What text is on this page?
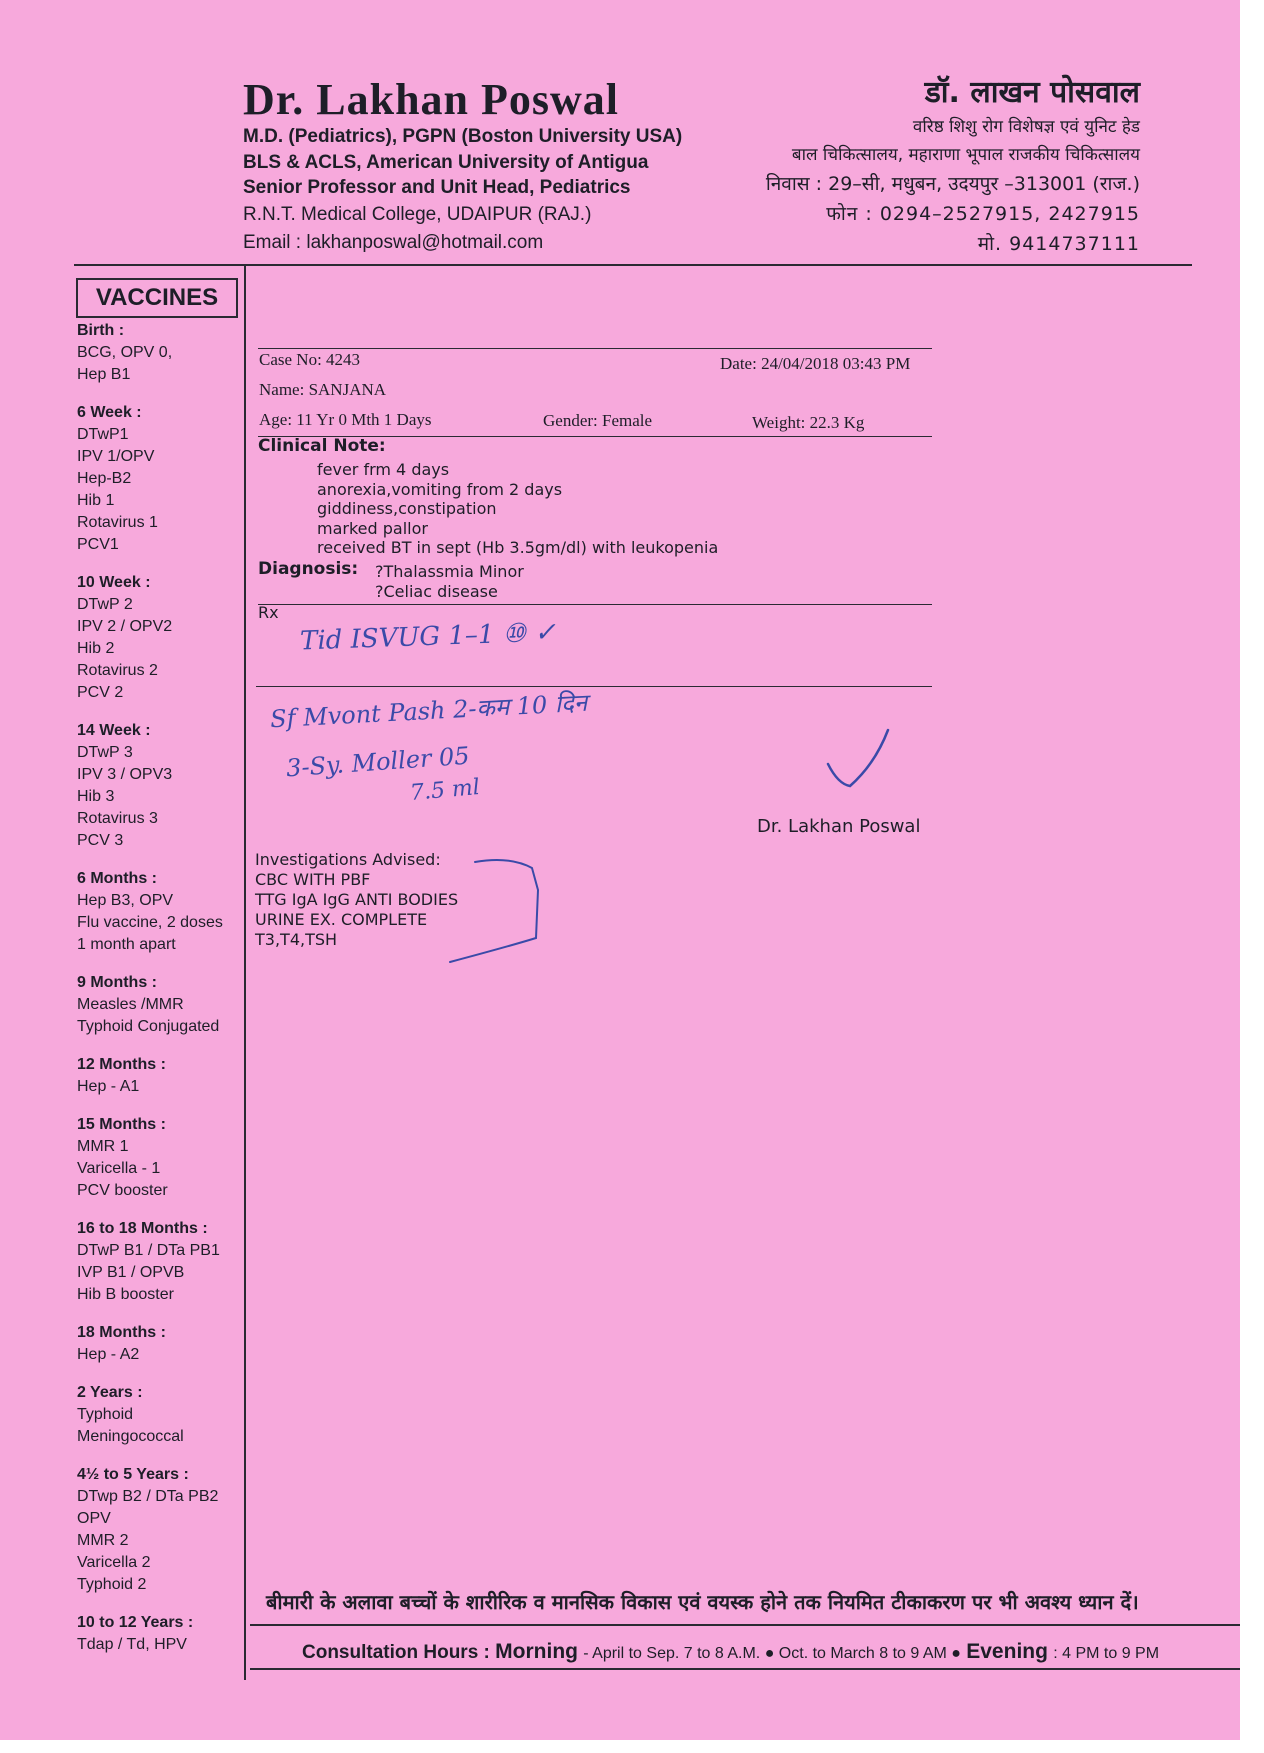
Dr. Lakhan Poswal
M.D. (Pediatrics), PGPN (Boston University USA)
BLS & ACLS, American University of Antigua
Senior Professor and Unit Head, Pediatrics
R.N.T. Medical College, UDAIPUR (RAJ.)
Email : lakhanposwal@hotmail.com
डॉ. लाखन पोसवाल
वरिष्ठ शिशु रोग विशेषज्ञ एवं युनिट हेड
बाल चिकित्सालय, महाराणा भूपाल राजकीय चिकित्सालय
निवास : 29–सी, मधुबन, उदयपुर –313001 (राज.)
फोन : 0294–2527915, 2427915
मो. 9414737111
VACCINES
Birth :
BCG, OPV 0,
Hep B1
6 Week :
DTwP1
IPV 1/OPV
Hep-B2
Hib 1
Rotavirus 1
PCV1
10 Week :
DTwP 2
IPV 2 / OPV2
Hib 2
Rotavirus 2
PCV 2
14 Week :
DTwP 3
IPV 3 / OPV3
Hib 3
Rotavirus 3
PCV 3
6 Months :
Hep B3, OPV
Flu vaccine, 2 doses
1 month apart
9 Months :
Measles /MMR
Typhoid Conjugated
12 Months :
Hep - A1
15 Months :
MMR 1
Varicella - 1
PCV booster
16 to 18 Months :
DTwP B1 / DTa PB1
IVP B1 / OPVB
Hib B booster
18 Months :
Hep - A2
2 Years :
Typhoid
Meningococcal
4½ to 5 Years :
DTwp B2 / DTa PB2
OPV
MMR 2
Varicella 2
Typhoid 2
10 to 12 Years :
Tdap / Td, HPV
Case No: 4243	Date: 24/04/2018 03:43 PM
Name: SANJANA
Age: 11 Yr 0 Mth 1 Days	Gender: Female	Weight: 22.3 Kg
Clinical Note:
fever frm 4 days
anorexia,vomiting from 2 days
giddiness,constipation
marked pallor
received BT in sept (Hb 3.5gm/dl) with leukopenia
Diagnosis: ?Thalassmia Minor
?Celiac disease
Rx
Tid ISVUG 1–1 ⑩ ✓
Sf Mvont Pash 2-कम 10 दिन
3-Sy. Moller 05
7.5 ml
Dr. Lakhan Poswal
Investigations Advised:
CBC WITH PBF
TTG IgA IgG ANTI BODIES
URINE EX. COMPLETE
T3,T4,TSH
बीमारी के अलावा बच्चों के शारीरिक व मानसिक विकास एवं वयस्क होने तक नियमित टीकाकरण पर भी अवश्य ध्यान दें।
Consultation Hours : Morning - April to Sep. 7 to 8 A.M. ● Oct. to March 8 to 9 AM ● Evening : 4 PM to 9 PM
